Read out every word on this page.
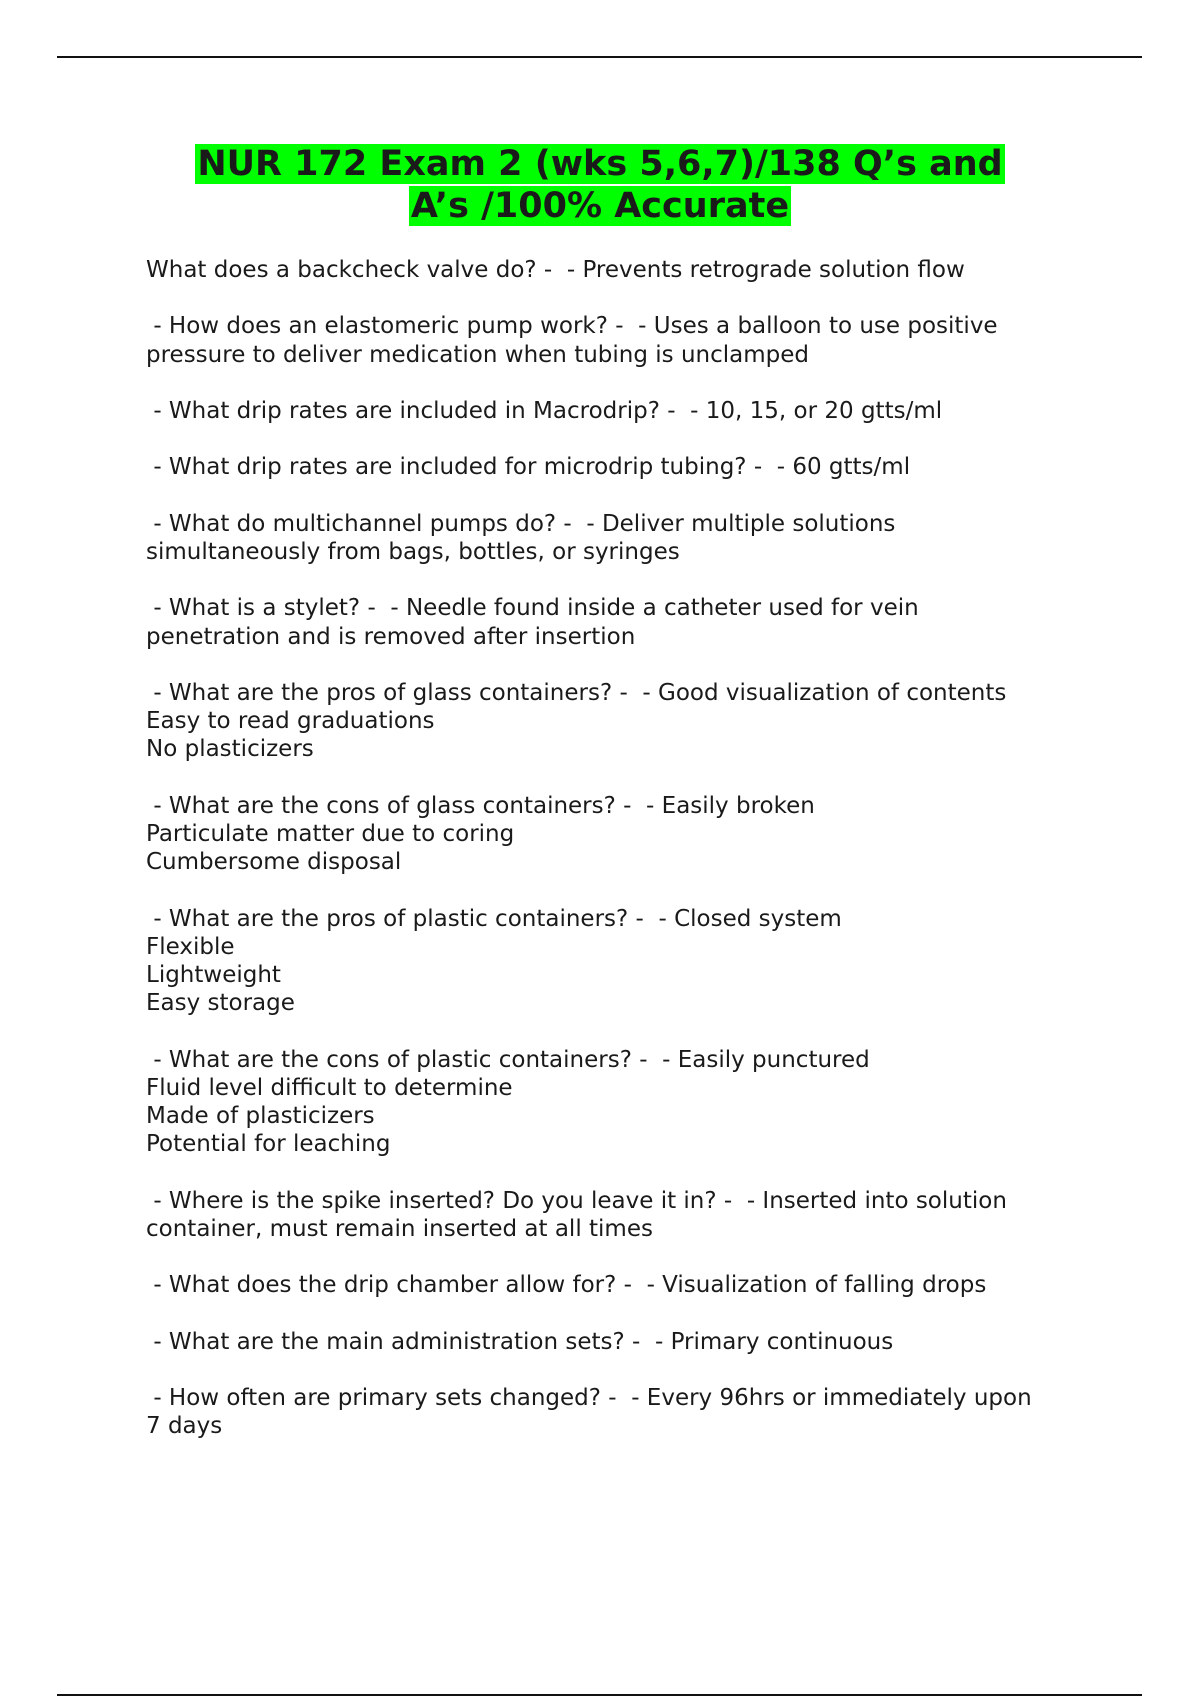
NUR 172 Exam 2 (wks 5,6,7)/138 Q’s and
A’s /100% Accurate
What does a backcheck valve do? -  - Prevents retrograde solution flow
- How does an elastomeric pump work? -  - Uses a balloon to use positive
pressure to deliver medication when tubing is unclamped
- What drip rates are included in Macrodrip? -  - 10, 15, or 20 gtts/ml
- What drip rates are included for microdrip tubing? -  - 60 gtts/ml
- What do multichannel pumps do? -  - Deliver multiple solutions
simultaneously from bags, bottles, or syringes
- What is a stylet? -  - Needle found inside a catheter used for vein
penetration and is removed after insertion
- What are the pros of glass containers? -  - Good visualization of contents
Easy to read graduations
No plasticizers
- What are the cons of glass containers? -  - Easily broken
Particulate matter due to coring
Cumbersome disposal
- What are the pros of plastic containers? -  - Closed system
Flexible
Lightweight
Easy storage
- What are the cons of plastic containers? -  - Easily punctured
Fluid level difficult to determine
Made of plasticizers
Potential for leaching
- Where is the spike inserted? Do you leave it in? -  - Inserted into solution
container, must remain inserted at all times
- What does the drip chamber allow for? -  - Visualization of falling drops
- What are the main administration sets? -  - Primary continuous
- How often are primary sets changed? -  - Every 96hrs or immediately upon
7 days
